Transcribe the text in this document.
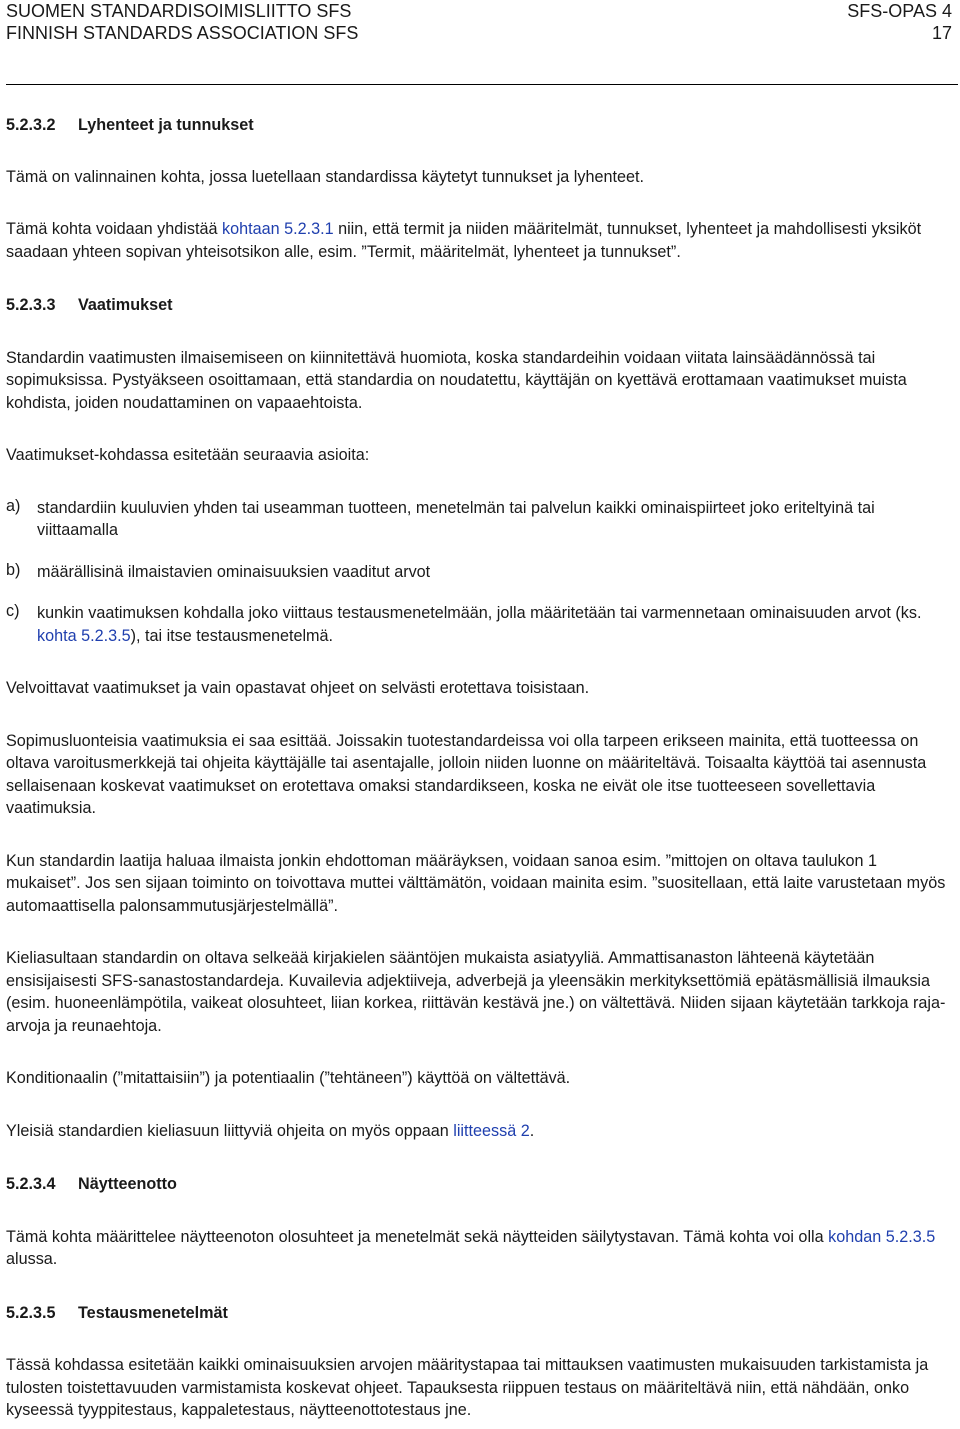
SUOMEN STANDARDISOIMISLIITTO SFS	SFS-OPAS 4
FINNISH STANDARDS ASSOCIATION SFS	17

5.2.3.2 Lyhenteet ja tunnukset

Tämä on valinnainen kohta, jossa luetellaan standardissa käytetyt tunnukset ja lyhenteet.

Tämä kohta voidaan yhdistää kohtaan 5.2.3.1 niin, että termit ja niiden määritelmät, tunnukset, lyhenteet ja mahdollisesti yksiköt saadaan yhteen sopivan yhteisotsikon alle, esim. ”Termit, määritelmät, lyhenteet ja tunnukset”.

5.2.3.3 Vaatimukset

Standardin vaatimusten ilmaisemiseen on kiinnitettävä huomiota, koska standardeihin voidaan viitata lainsäädännössä tai sopimuksissa. Pystyäkseen osoittamaan, että standardia on noudatettu, käyttäjän on kyettävä erottamaan vaatimukset muista kohdista, joiden noudattaminen on vapaaehtoista.

Vaatimukset-kohdassa esitetään seuraavia asioita:

a)	standardiin kuuluvien yhden tai useamman tuotteen, menetelmän tai palvelun kaikki ominaispiirteet joko eriteltyinä tai viittaamalla

b)	määrällisinä ilmaistavien ominaisuuksien vaaditut arvot

c)	kunkin vaatimuksen kohdalla joko viittaus testausmenetelmään, jolla määritetään tai varmennetaan ominaisuuden arvot (ks. kohta 5.2.3.5), tai itse testausmenetelmä.

Velvoittavat vaatimukset ja vain opastavat ohjeet on selvästi erotettava toisistaan.

Sopimusluonteisia vaatimuksia ei saa esittää. Joissakin tuotestandardeissa voi olla tarpeen erikseen mainita, että tuotteessa on oltava varoitusmerkkejä tai ohjeita käyttäjälle tai asentajalle, jolloin niiden luonne on määriteltävä. Toisaalta käyttöä tai asennusta sellaisenaan koskevat vaatimukset on erotettava omaksi standardikseen, koska ne eivät ole itse tuotteeseen sovellettavia vaatimuksia.

Kun standardin laatija haluaa ilmaista jonkin ehdottoman määräyksen, voidaan sanoa esim. ”mittojen on oltava taulukon 1 mukaiset”. Jos sen sijaan toiminto on toivottava muttei välttämätön, voidaan mainita esim. ”suositellaan, että laite varustetaan myös automaattisella palonsammutusjärjestelmällä”.

Kieliasultaan standardin on oltava selkeää kirjakielen sääntöjen mukaista asiatyyliä. Ammattisanaston lähteenä käytetään ensisijaisesti SFS-sanastostandardeja. Kuvailevia adjektiiveja, adverbejä ja yleensäkin merkityksettömiä epätäsmällisiä ilmauksia (esim. huoneenlämpötila, vaikeat olosuhteet, liian korkea, riittävän kestävä jne.) on vältettävä. Niiden sijaan käytetään tarkkoja raja-arvoja ja reunaehtoja.

Konditionaalin (”mitattaisiin”) ja potentiaalin (”tehtäneen”) käyttöä on vältettävä.

Yleisiä standardien kieliasuun liittyviä ohjeita on myös oppaan liitteessä 2.

5.2.3.4 Näytteenotto

Tämä kohta määrittelee näytteenoton olosuhteet ja menetelmät sekä näytteiden säilytystavan. Tämä kohta voi olla kohdan 5.2.3.5 alussa.

5.2.3.5 Testausmenetelmät

Tässä kohdassa esitetään kaikki ominaisuuksien arvojen määritystapaa tai mittauksen vaatimusten mukaisuuden tarkistamista ja tulosten toistettavuuden varmistamista koskevat ohjeet. Tapauksesta riippuen testaus on määriteltävä niin, että nähdään, onko kyseessä tyyppitestaus, kappaletestaus, näytteenottotestaus jne.
